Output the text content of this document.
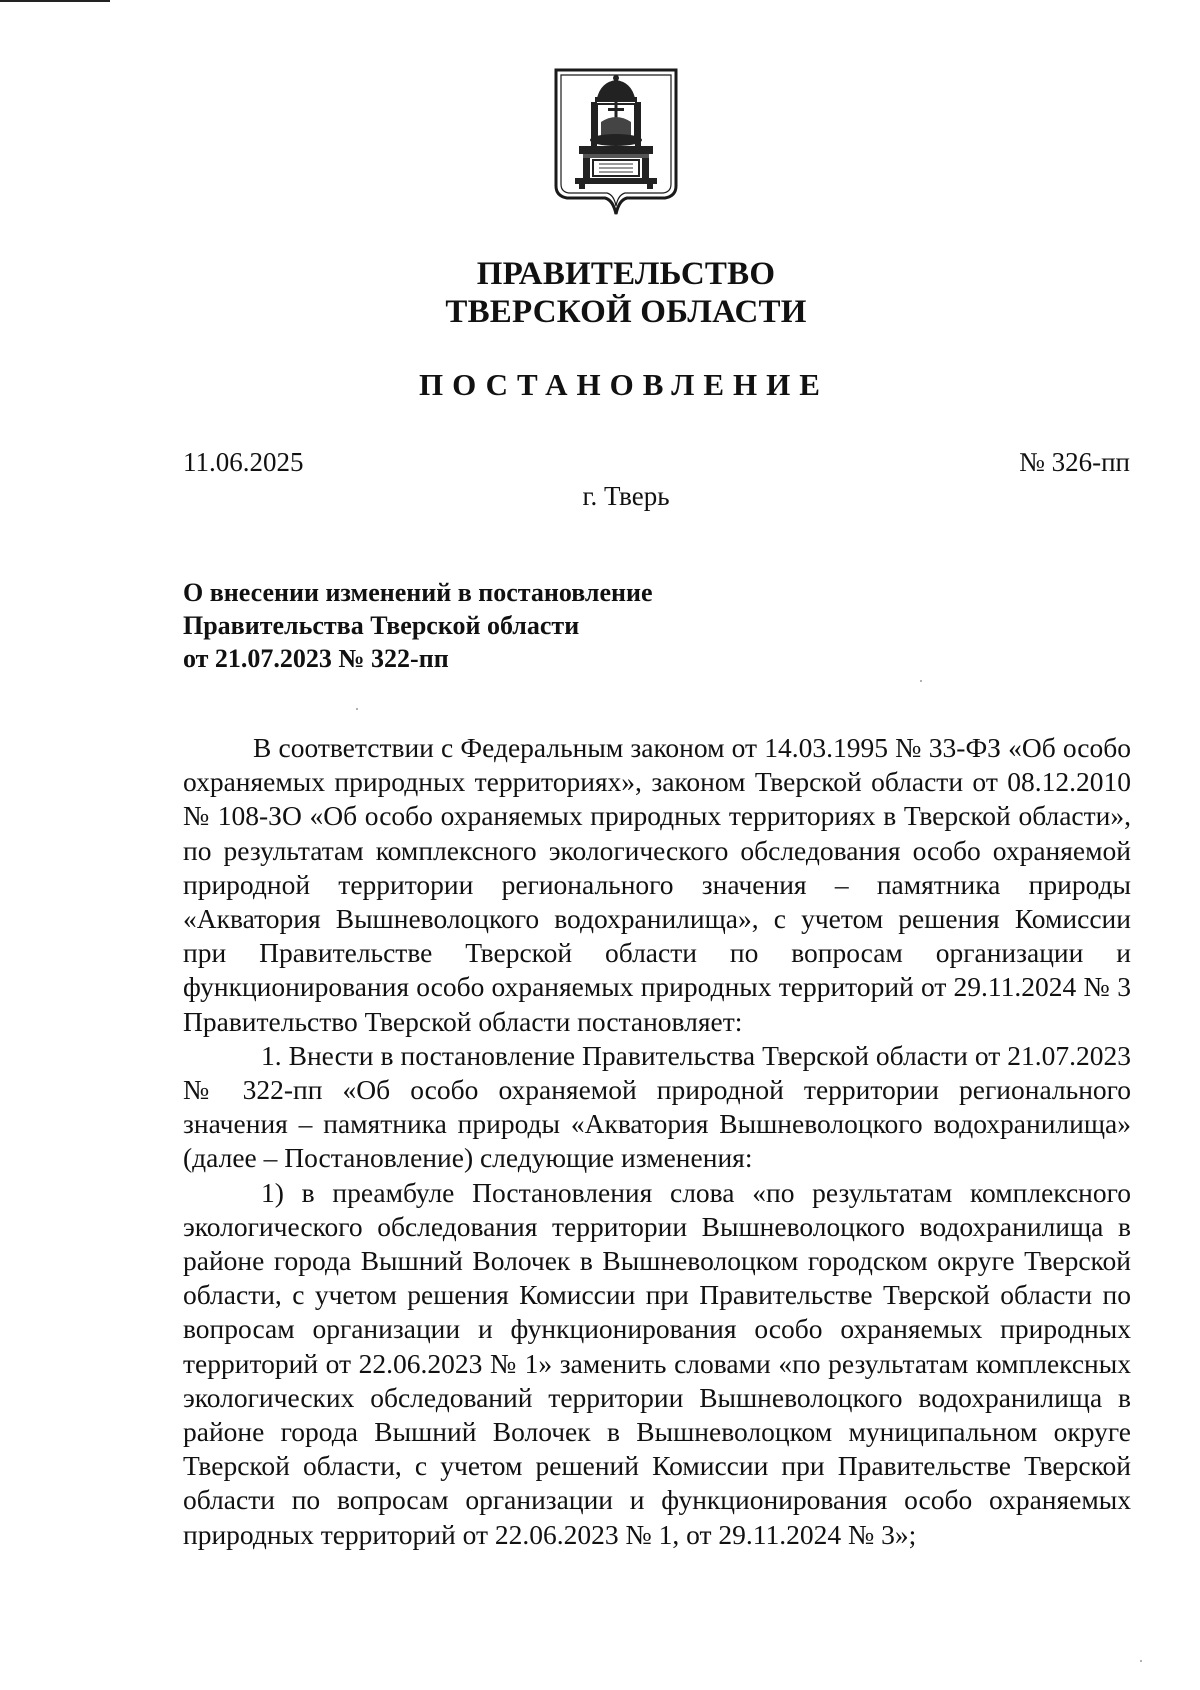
ПРАВИТЕЛЬСТВО
ТВЕРСКОЙ ОБЛАСТИ
ПОСТАНОВЛЕНИЕ
11.06.2025	№ 326-пп
г. Тверь
О внесении изменений в постановление
Правительства Тверской области
от 21.07.2023 № 322-пп

В соответствии с Федеральным законом от 14.03.1995 № 33-ФЗ «Об особо охраняемых природных территориях», законом Тверской области от 08.12.2010 № 108-ЗО «Об особо охраняемых природных территориях в Тверской области», по результатам комплексного экологического обследования особо охраняемой природной территории регионального значения – памятника природы «Акватория Вышневолоцкого водохранилища», с учетом решения Комиссии при Правительстве Тверской области по вопросам организации и функционирования особо охраняемых природных территорий от 29.11.2024 № 3 Правительство Тверской области постановляет:

1. Внести в постановление Правительства Тверской области от 21.07.2023 № 322-пп «Об особо охраняемой природной территории регионального значения – памятника природы «Акватория Вышневолоцкого водохранилища» (далее – Постановление) следующие изменения:

1) в преамбуле Постановления слова «по результатам комплексного экологического обследования территории Вышневолоцкого водохранилища в районе города Вышний Волочек в Вышневолоцком городском округе Тверской области, с учетом решения Комиссии при Правительстве Тверской области по вопросам организации и функционирования особо охраняемых природных территорий от 22.06.2023 № 1» заменить словами «по результатам комплексных экологических обследований территории Вышневолоцкого водохранилища в районе города Вышний Волочек в Вышневолоцком муниципальном округе Тверской области, с учетом решений Комиссии при Правительстве Тверской области по вопросам организации и функционирования особо охраняемых природных территорий от 22.06.2023 № 1, от 29.11.2024 № 3»;
